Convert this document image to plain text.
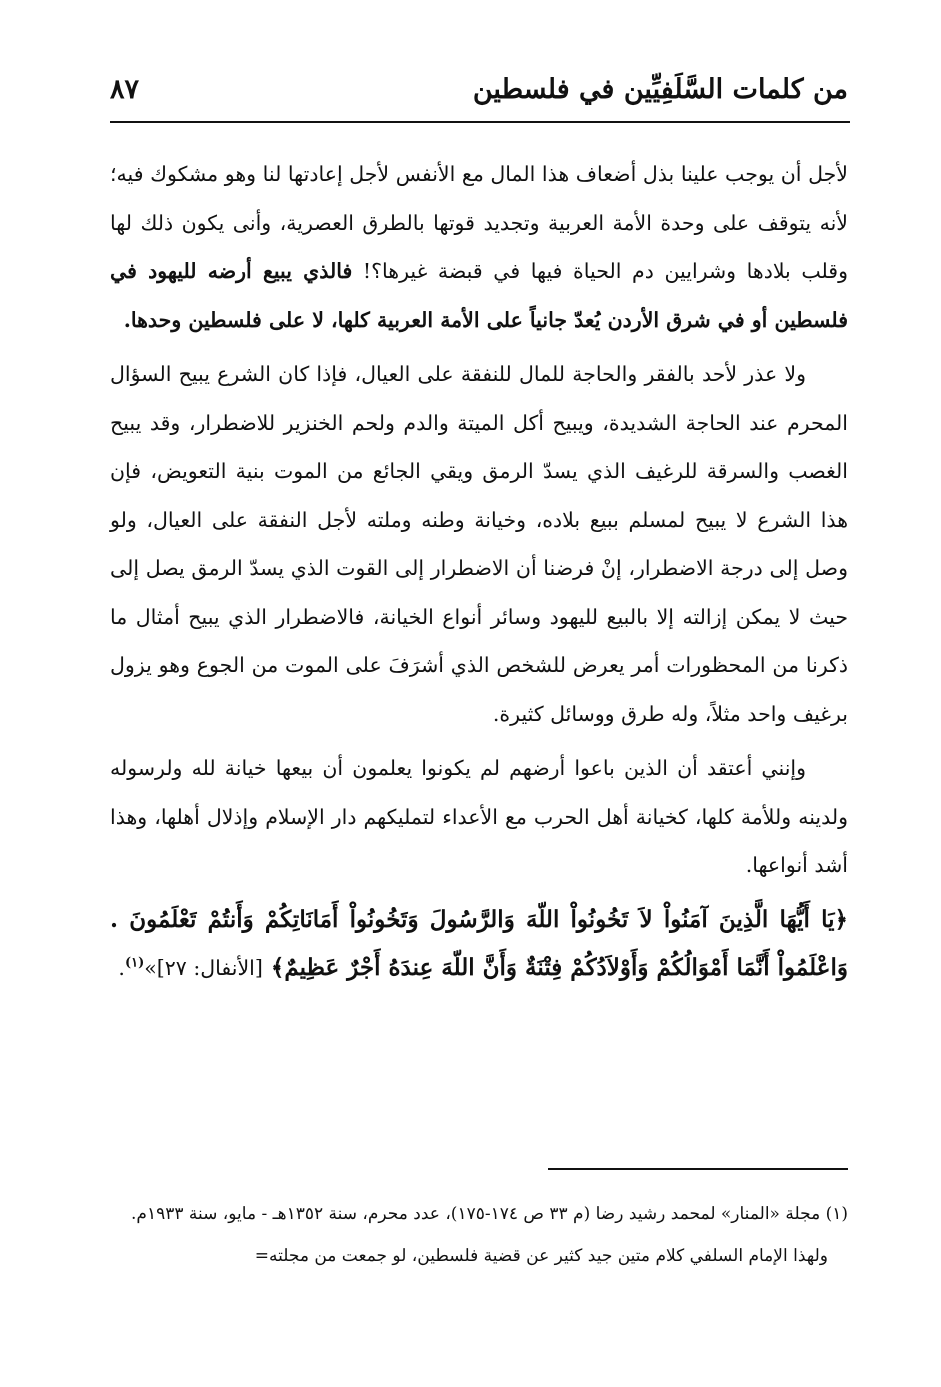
من كلمات السَّلَفِيِّين في فلسطين
٨٧

لأجل أن يوجب علينا بذل أضعاف هذا المال مع الأنفس لأجل إعادتها لنا وهو مشكوك فيه؛ لأنه يتوقف على وحدة الأمة العربية وتجديد قوتها بالطرق العصرية، وأنى يكون ذلك لها وقلب بلادها وشرايين دم الحياة فيها في قبضة غيرها؟! فالذي يبيع أرضه لليهود في فلسطين أو في شرق الأردن يُعدّ جانياً على الأمة العربية كلها، لا على فلسطين وحدها.

ولا عذر لأحد بالفقر والحاجة للمال للنفقة على العيال، فإذا كان الشرع يبيح السؤال المحرم عند الحاجة الشديدة، ويبيح أكل الميتة والدم ولحم الخنزير للاضطرار، وقد يبيح الغصب والسرقة للرغيف الذي يسدّ الرمق ويقي الجائع من الموت بنية التعويض، فإن هذا الشرع لا يبيح لمسلم ببيع بلاده، وخيانة وطنه وملته لأجل النفقة على العيال، ولو وصل إلى درجة الاضطرار، إنْ فرضنا أن الاضطرار إلى القوت الذي يسدّ الرمق يصل إلى حيث لا يمكن إزالته إلا بالبيع لليهود وسائر أنواع الخيانة، فالاضطرار الذي يبيح أمثال ما ذكرنا من المحظورات أمر يعرض للشخص الذي أشرَفَ على الموت من الجوع وهو يزول برغيف واحد مثلاً، وله طرق ووسائل كثيرة.

وإنني أعتقد أن الذين باعوا أرضهم لم يكونوا يعلمون أن بيعها خيانة لله ولرسوله ولدينه وللأمة كلها، كخيانة أهل الحرب مع الأعداء لتمليكهم دار الإسلام وإذلال أهلها، وهذا أشد أنواعها.

﴿يَا أَيُّهَا الَّذِينَ آمَنُواْ لاَ تَخُونُواْ اللّهَ وَالرَّسُولَ وَتَخُونُواْ أَمَانَاتِكُمْ وَأَنتُمْ تَعْلَمُونَ . وَاعْلَمُواْ أَنَّمَا أَمْوَالُكُمْ وَأَوْلاَدُكُمْ فِتْنَةٌ وَأَنَّ اللّهَ عِندَهُ أَجْرٌ عَظِيمٌ﴾ [الأنفال: ٢٧]»$^{(١)}$.

(١) مجلة «المنار» لمحمد رشيد رضا (م ٣٣ ص ١٧٤-١٧٥)، عدد محرم، سنة ١٣٥٢هـ - مايو، سنة ١٩٣٣م.

ولهذا الإمام السلفي كلام متين جيد كثير عن قضية فلسطين، لو جمعت من مجلته=
